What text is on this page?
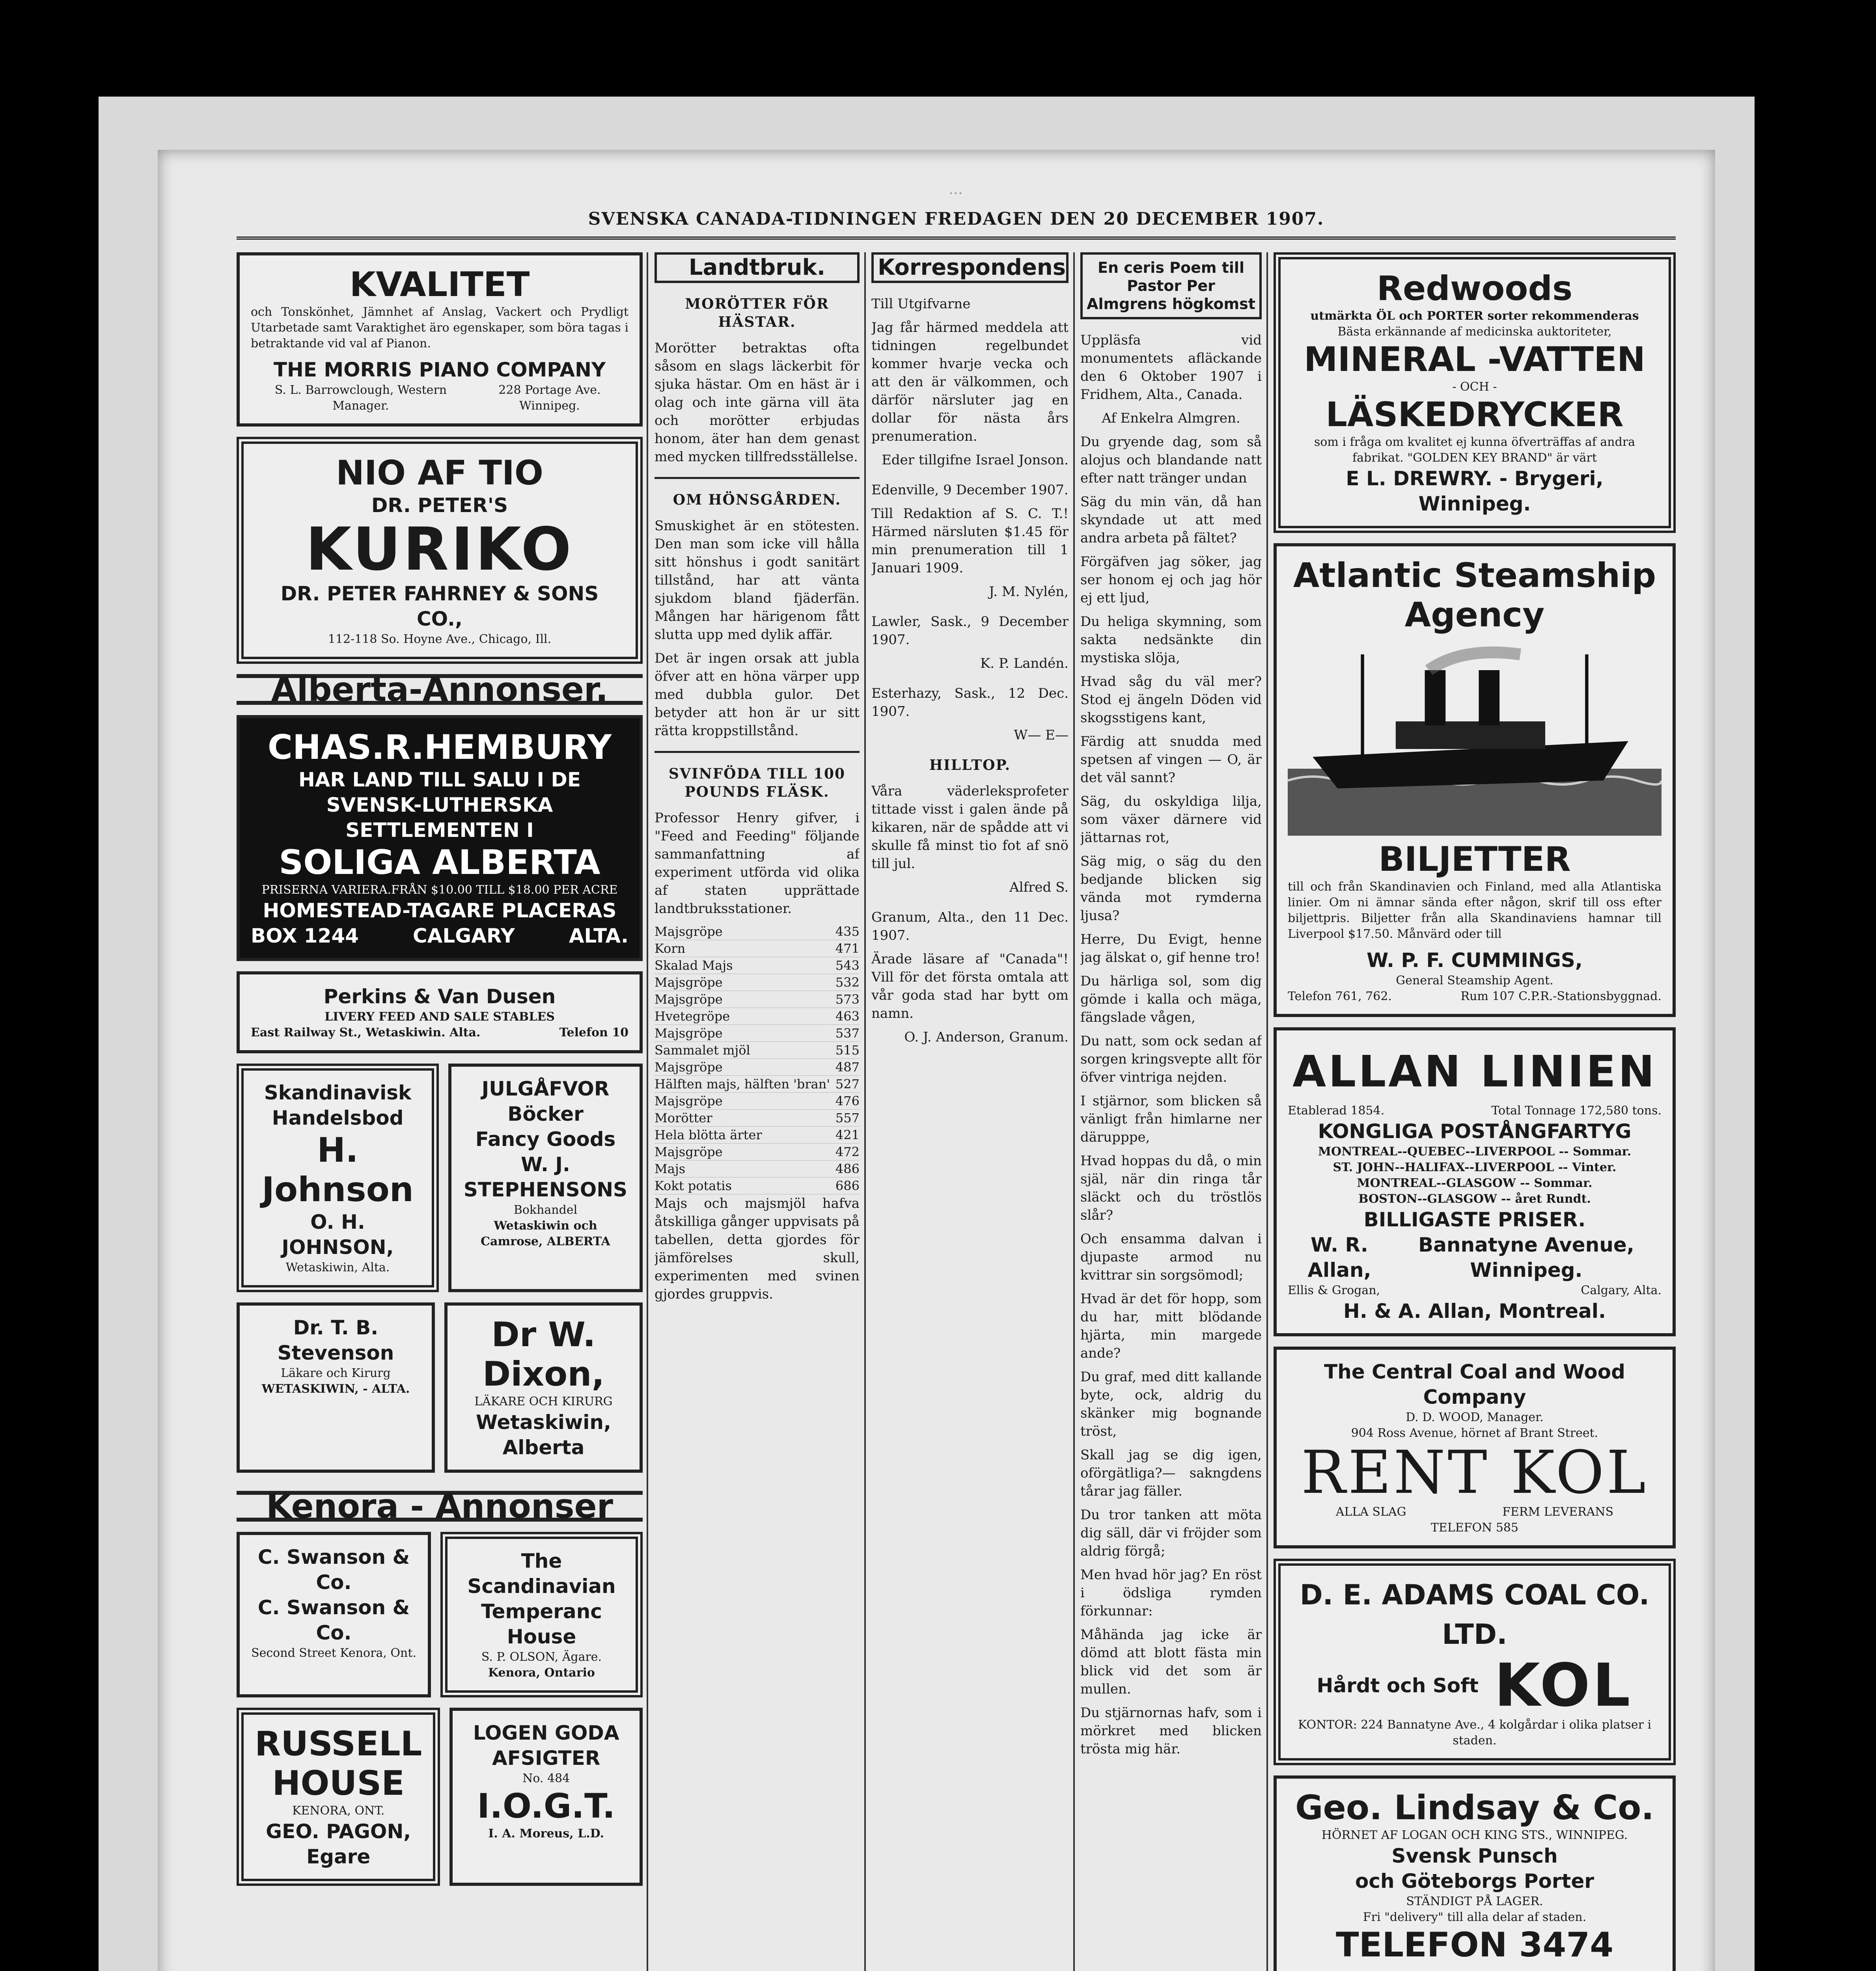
…
SVENSKA CANADA-TIDNINGEN FREDAGEN DEN 20 DECEMBER 1907.
KVALITET

och Tonskönhet, Jämnhet af Anslag, Vackert och Prydligt Utarbetade samt Varaktighet äro egenskaper, som böra tagas i betraktande vid val af Pianon.

THE MORRIS PIANO COMPANY
S. L. Barrowclough, Western Manager.
228 Portage Ave. Winnipeg.
NIO AF TIO
DR. PETER'S
KURIKO
DR. PETER FAHRNEY & SONS CO.,
112-118 So. Hoyne Ave., Chicago, Ill.
Alberta-Annonser.
CHAS.R.HEMBURY
HAR LAND TILL SALU I DE
SVENSK-LUTHERSKA SETTLEMENTEN I
SOLIGA ALBERTA
PRISERNA VARIERA.FRÅN $10.00 TILL $18.00 PER ACRE
HOMESTEAD-TAGARE PLACERAS
BOX 1244	CALGARY	ALTA.
Perkins & Van Dusen
LIVERY FEED AND SALE STABLES
East Railway St., Wetaskiwin. Alta.	Telefon 10
Skandinavisk Handelsbod
H. Johnson
O. H. JOHNSON,
Wetaskiwin, Alta.
JULGÅFVOR
Böcker
Fancy Goods
W. J. STEPHENSONS
Bokhandel
Wetaskiwin och Camrose, ALBERTA
Dr. T. B. Stevenson
Läkare och Kirurg
WETASKIWIN, - ALTA.
Dr W. Dixon,
LÄKARE OCH KIRURG
Wetaskiwin, Alberta
Kenora - Annonser
C. Swanson & Co.
C. Swanson & Co.
Second Street Kenora, Ont.
The Scandinavian Temperanc House
S. P. OLSON, Ägare.
Kenora, Ontario
RUSSELL HOUSE
KENORA, ONT.
GEO. PAGON, Egare
LOGEN GODA AFSIGTER
No. 484
I.O.G.T.
I. A. Moreus, L.D.
Landtbruk.
MORÖTTER FÖR HÄSTAR.

Morötter betraktas ofta såsom en slags läckerbit för sjuka hästar. Om en häst är i olag och inte gärna vill äta och morötter erbjudas honom, äter han dem genast med mycken tillfredsställelse.

OM HÖNSGÅRDEN.

Smuskighet är en stötesten. Den man som icke vill hålla sitt hönshus i godt sanitärt tillstånd, har att vänta sjukdom bland fjäderfän. Mången har härigenom fått slutta upp med dylik affär.

Det är ingen orsak att jubla öfver att en höna värper upp med dubbla gulor. Det betyder att hon är ur sitt rätta kroppstillstånd.

SVINFÖDA TILL 100 POUNDS FLÄSK.

Professor Henry gifver, i "Feed and Feeding" följande sammanfattning af experiment utförda vid olika af staten upprättade landtbruksstationer.

Majsgröpe	435
Korn	471
Skalad Majs	543
Majsgröpe	532
Majsgröpe	573
Hvetegröpe	463
Majsgröpe	537
Sammalet mjöl	515
Majsgröpe	487
Hälften majs, hälften 'bran' 527
Majsgröpe	476
Morötter	557
Hela blötta ärter	421
Majsgröpe	472
Majs	486
Kokt potatis	686

Majs och majsmjöl hafva åtskilliga gånger uppvisats på tabellen, detta gjordes för jämförelses skull, experimenten med svinen gjordes gruppvis.

Korrespondens

Till Utgifvarne

Jag får härmed meddela att tidningen regelbundet kommer hvarje vecka och att den är välkommen, och därför närsluter jag en dollar för nästa års prenumeration.

Eder tillgifne Israel Jonson.

Edenville, 9 December 1907.

Till Redaktion af S. C. T.! Härmed närsluten $1.45 för min prenumeration till 1 Januari 1909.

J. M. Nylén,

Lawler, Sask., 9 December 1907.

K. P. Landén.

Esterhazy, Sask., 12 Dec. 1907.

W— E—

HILLTOP.

Våra väderleksprofeter tittade visst i galen ände på kikaren, när de spådde att vi skulle få minst tio fot af snö till jul.

Alfred S.

Granum, Alta., den 11 Dec. 1907.

Ärade läsare af "Canada"! Vill för det första omtala att vår goda stad har bytt om namn.

O. J. Anderson, Granum.

En ceris Poem till Pastor Per Almgrens högkomst

Uppläsfa vid monumentets afläckande den 6 Oktober 1907 i Fridhem, Alta., Canada.

Af Enkelra Almgren.

Du gryende dag, som så alojus och blandande natt efter natt tränger undan

Säg du min vän, då han skyndade ut att med andra arbeta på fältet?

Förgäfven jag söker, jag ser honom ej och jag hör ej ett ljud,

Du heliga skymning, som sakta nedsänkte din mystiska slöja,

Hvad såg du väl mer? Stod ej ängeln Döden vid skogsstigens kant,

Färdig att snudda med spetsen af vingen — O, är det väl sannt?

Säg, du oskyldiga lilja, som växer därnere vid jättarnas rot,

Säg mig, o säg du den bedjande blicken sig vända mot rymderna ljusa?

Herre, Du Evigt, henne jag älskat o, gif henne tro!

Du härliga sol, som dig gömde i kalla och mäga, fängslade vågen,

Du natt, som ock sedan af sorgen kringsvepte allt för öfver vintriga nejden.

I stjärnor, som blicken så vänligt från himlarne ner därupppe,

Hvad hoppas du då, o min själ, när din ringa tår släckt och du tröstlös slår?

Och ensamma dalvan i djupaste armod nu kvittrar sin sorgsömodl;

Hvad är det för hopp, som du har, mitt blödande hjärta, min margede ande?

Du graf, med ditt kallande byte, ock, aldrig du skänker mig bognande tröst,

Skall jag se dig igen, oförgätliga?— sakngdens tårar jag fäller.

Du tror tanken att möta dig säll, där vi fröjder som aldrig förgå;

Men hvad hör jag? En röst i ödsliga rymden förkunnar:

Måhända jag icke är dömd att blott fästa min blick vid det som är mullen.

Du stjärnornas hafv, som i mörkret med blicken trösta mig här.

Redwoods
utmärkta ÖL och PORTER sorter rekommenderas
Bästa erkännande af medicinska auktoriteter,
MINERAL -VATTEN
- OCH -
LÄSKEDRYCKER
som i fråga om kvalitet ej kunna öfverträffas af andra fabrikat. "GOLDEN KEY BRAND" är värt
E L. DREWRY. - Brygeri, Winnipeg.
Atlantic Steamship Agency
BILJETTER

till och från Skandinavien och Finland, med alla Atlantiska linier. Om ni ämnar sända efter någon, skrif till oss efter biljettpris. Biljetter från alla Skandinaviens hamnar till Liverpool $17.50. Månvärd oder till

W. P. F. CUMMINGS,
General Steamship Agent.
Telefon 761, 762.	Rum 107 C.P.R.-Stationsbyggnad.
ALLAN LINIEN
Etablerad 1854.	Total Tonnage 172,580 tons.
KONGLIGA POSTÅNGFARTYG
MONTREAL--QUEBEC--LIVERPOOL -- Sommar.
ST. JOHN--HALIFAX--LIVERPOOL -- Vinter.
MONTREAL--GLASGOW -- Sommar.
BOSTON--GLASGOW -- året Rundt.
BILLIGASTE PRISER.
W. R. Allan,
Bannatyne Avenue, Winnipeg.
Ellis & Grogan,	Calgary, Alta.
H. & A. Allan, Montreal.
The Central Coal and Wood Company
D. D. WOOD, Manager.
904 Ross Avenue, hörnet af Brant Street.
RENT KOL
ALLA SLAG	FERM LEVERANS
TELEFON 585
D. E. ADAMS COAL CO. LTD.
Hårdt och Soft KOL
KONTOR: 224 Bannatyne Ave., 4 kolgårdar i olika platser i staden.
Geo. Lindsay & Co.
HÖRNET AF LOGAN OCH KING STS., WINNIPEG.
Svensk Punsch
och Göteborgs Porter
STÄNDIGT PÅ LAGER.
Fri "delivery" till alla delar af staden.
TELEFON 3474
